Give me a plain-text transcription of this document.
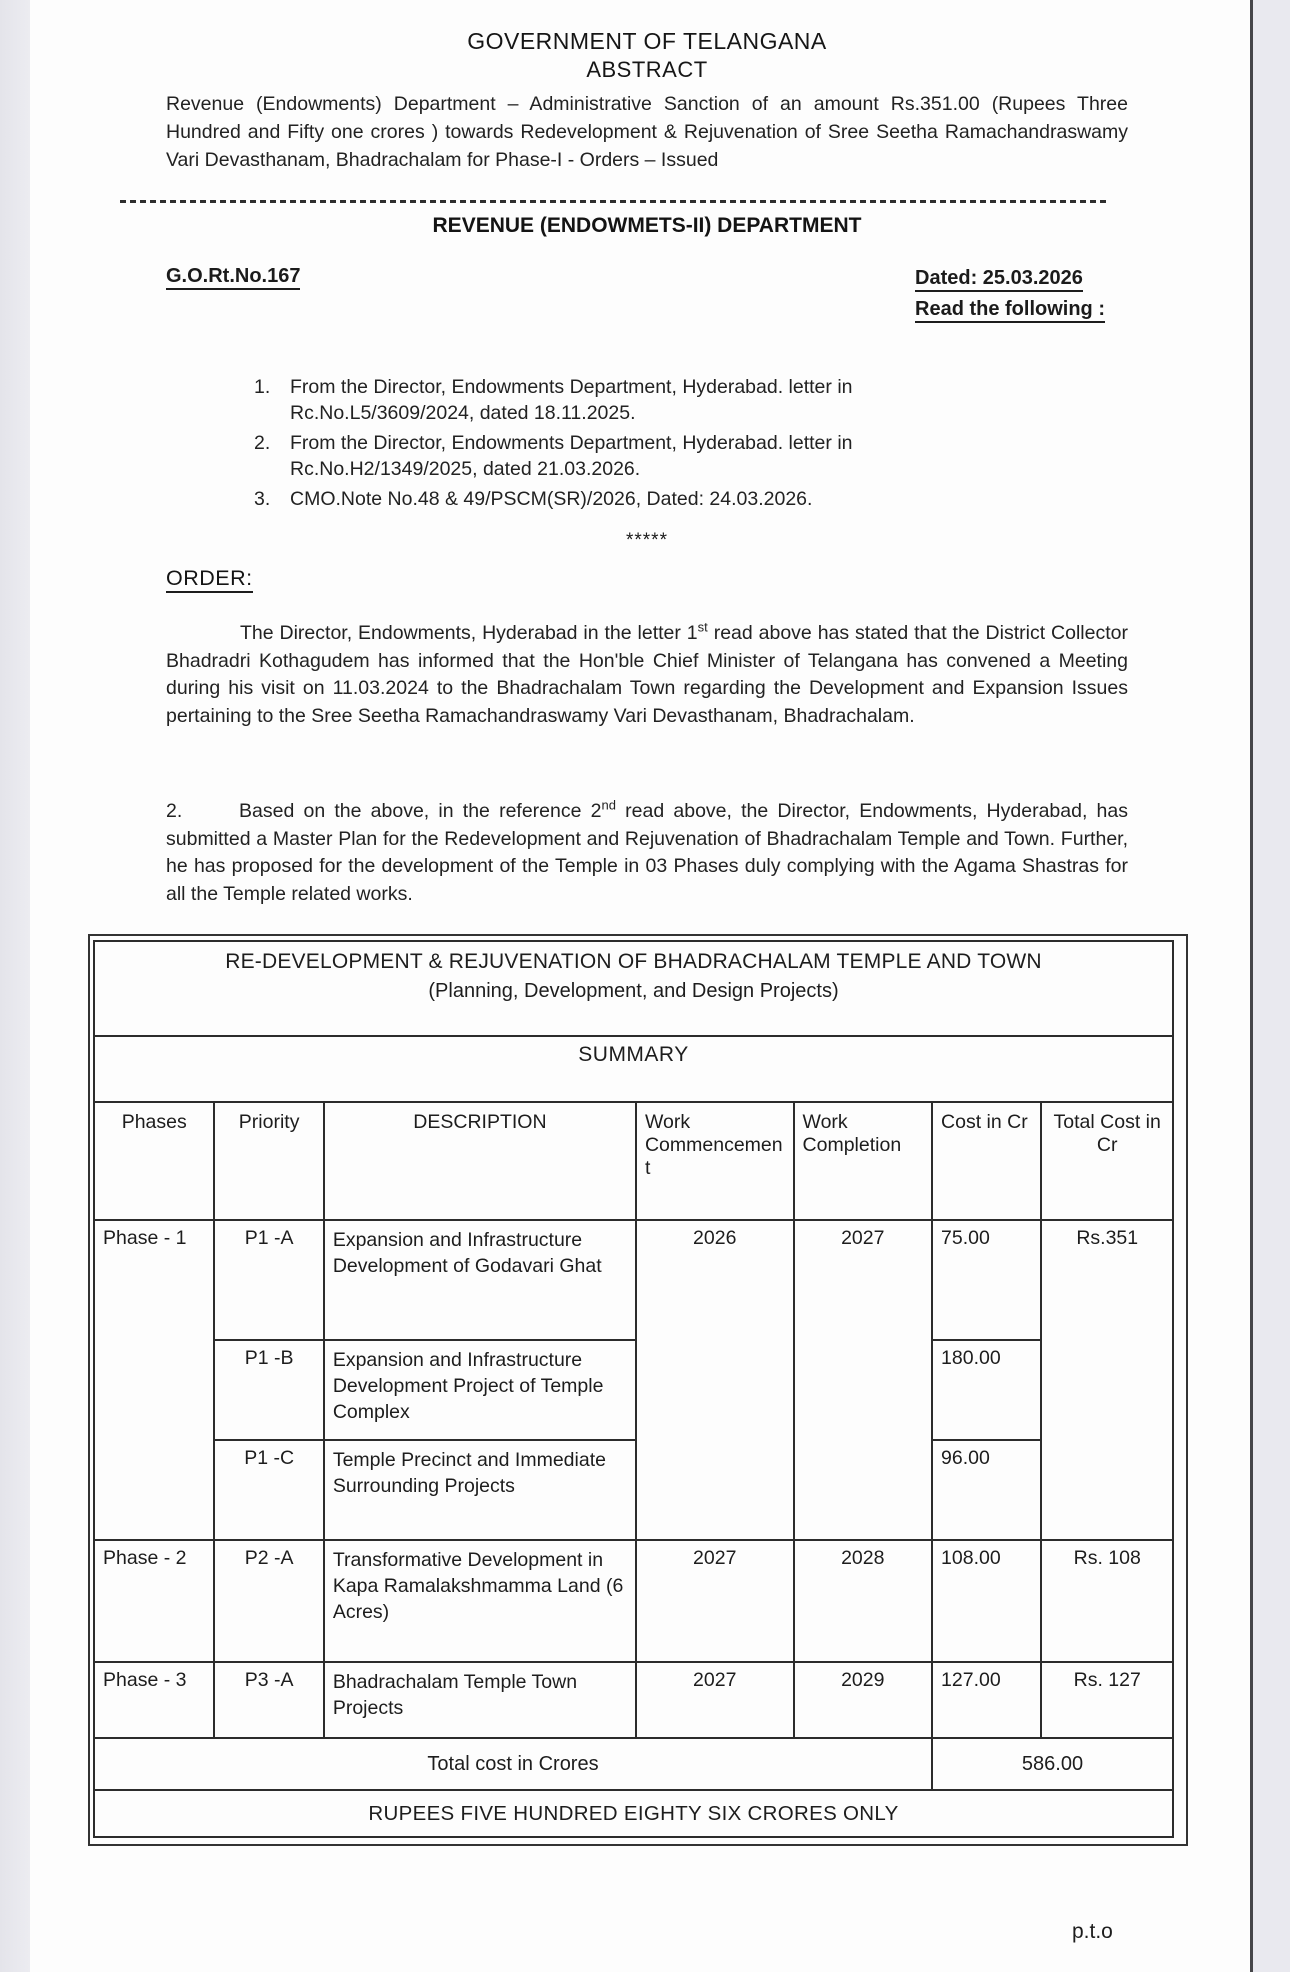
GOVERNMENT OF TELANGANA
ABSTRACT

Revenue (Endowments) Department – Administrative Sanction of an amount Rs.351.00 (Rupees Three Hundred and Fifty one crores ) towards Redevelopment & Rejuvenation of Sree Seetha Ramachandraswamy Vari Devasthanam, Bhadrachalam for Phase-I - Orders – Issued

REVENUE (ENDOWMETS-II) DEPARTMENT
G.O.Rt.No.167	Dated: 25.03.2026
Read the following :
1.	From the Director, Endowments Department, Hyderabad. letter in Rc.No.L5/3609/2024, dated 18.11.2025.
2.	From the Director, Endowments Department, Hyderabad. letter in Rc.No.H2/1349/2025, dated 21.03.2026.
3.	CMO.Note No.48 & 49/PSCM(SR)/2026, Dated: 24.03.2026.
*****
ORDER:

The Director, Endowments, Hyderabad in the letter 1st read above has stated that the District Collector Bhadradri Kothagudem has informed that the Hon'ble Chief Minister of Telangana has convened a Meeting during his visit on 11.03.2024 to the Bhadrachalam Town regarding the Development and Expansion Issues pertaining to the Sree Seetha Ramachandraswamy Vari Devasthanam, Bhadrachalam.

2.	Based on the above, in the reference 2nd read above, the Director, Endowments, Hyderabad, has submitted a Master Plan for the Redevelopment and Rejuvenation of Bhadrachalam Temple and Town. Further, he has proposed for the development of the Temple in 03 Phases duly complying with the Agama Shastras for all the Temple related works.

RE-DEVELOPMENT & REJUVENATION OF BHADRACHALAM TEMPLE AND TOWN
(Planning, Development, and Design Projects)						

SUMMARY						
Phases	Priority	DESCRIPTION	Work Commencement	Work Completion	Cost in Cr	Total Cost in Cr
Phase - 1	P1 -A	Expansion and Infrastructure Development of Godavari Ghat	2026	2027	75.00	Rs.351
	P1 -B	Expansion and Infrastructure Development Project of Temple Complex			180.00	
	P1 -C	Temple Precinct and Immediate Surrounding Projects			96.00	
Phase - 2	P2 -A	Transformative Development in Kapa Ramalakshmamma Land (6 Acres)	2027	2028	108.00	Rs. 108
Phase - 3	P3 -A	Bhadrachalam Temple Town Projects	2027	2029	127.00	Rs. 127
Total cost in Crores					586.00	
RUPEES FIVE HUNDRED EIGHTY SIX CRORES ONLY						
p.t.o
